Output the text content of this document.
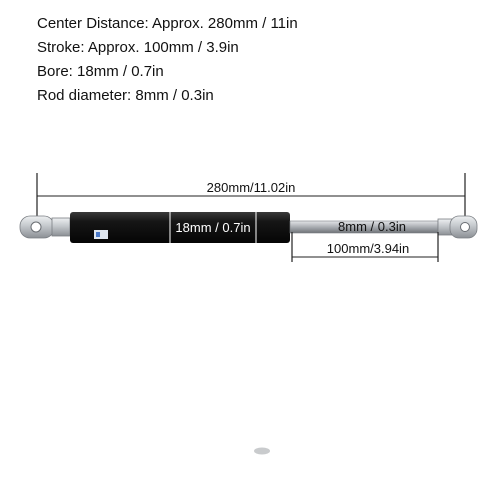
Center Distance: Approx. 280mm / 11in
Stroke: Approx. 100mm / 3.9in
Bore: 18mm / 0.7in
Rod diameter: 8mm / 0.3in
280mm/11.02in
18mm / 0.7in	8mm / 0.3in
100mm/3.94in
